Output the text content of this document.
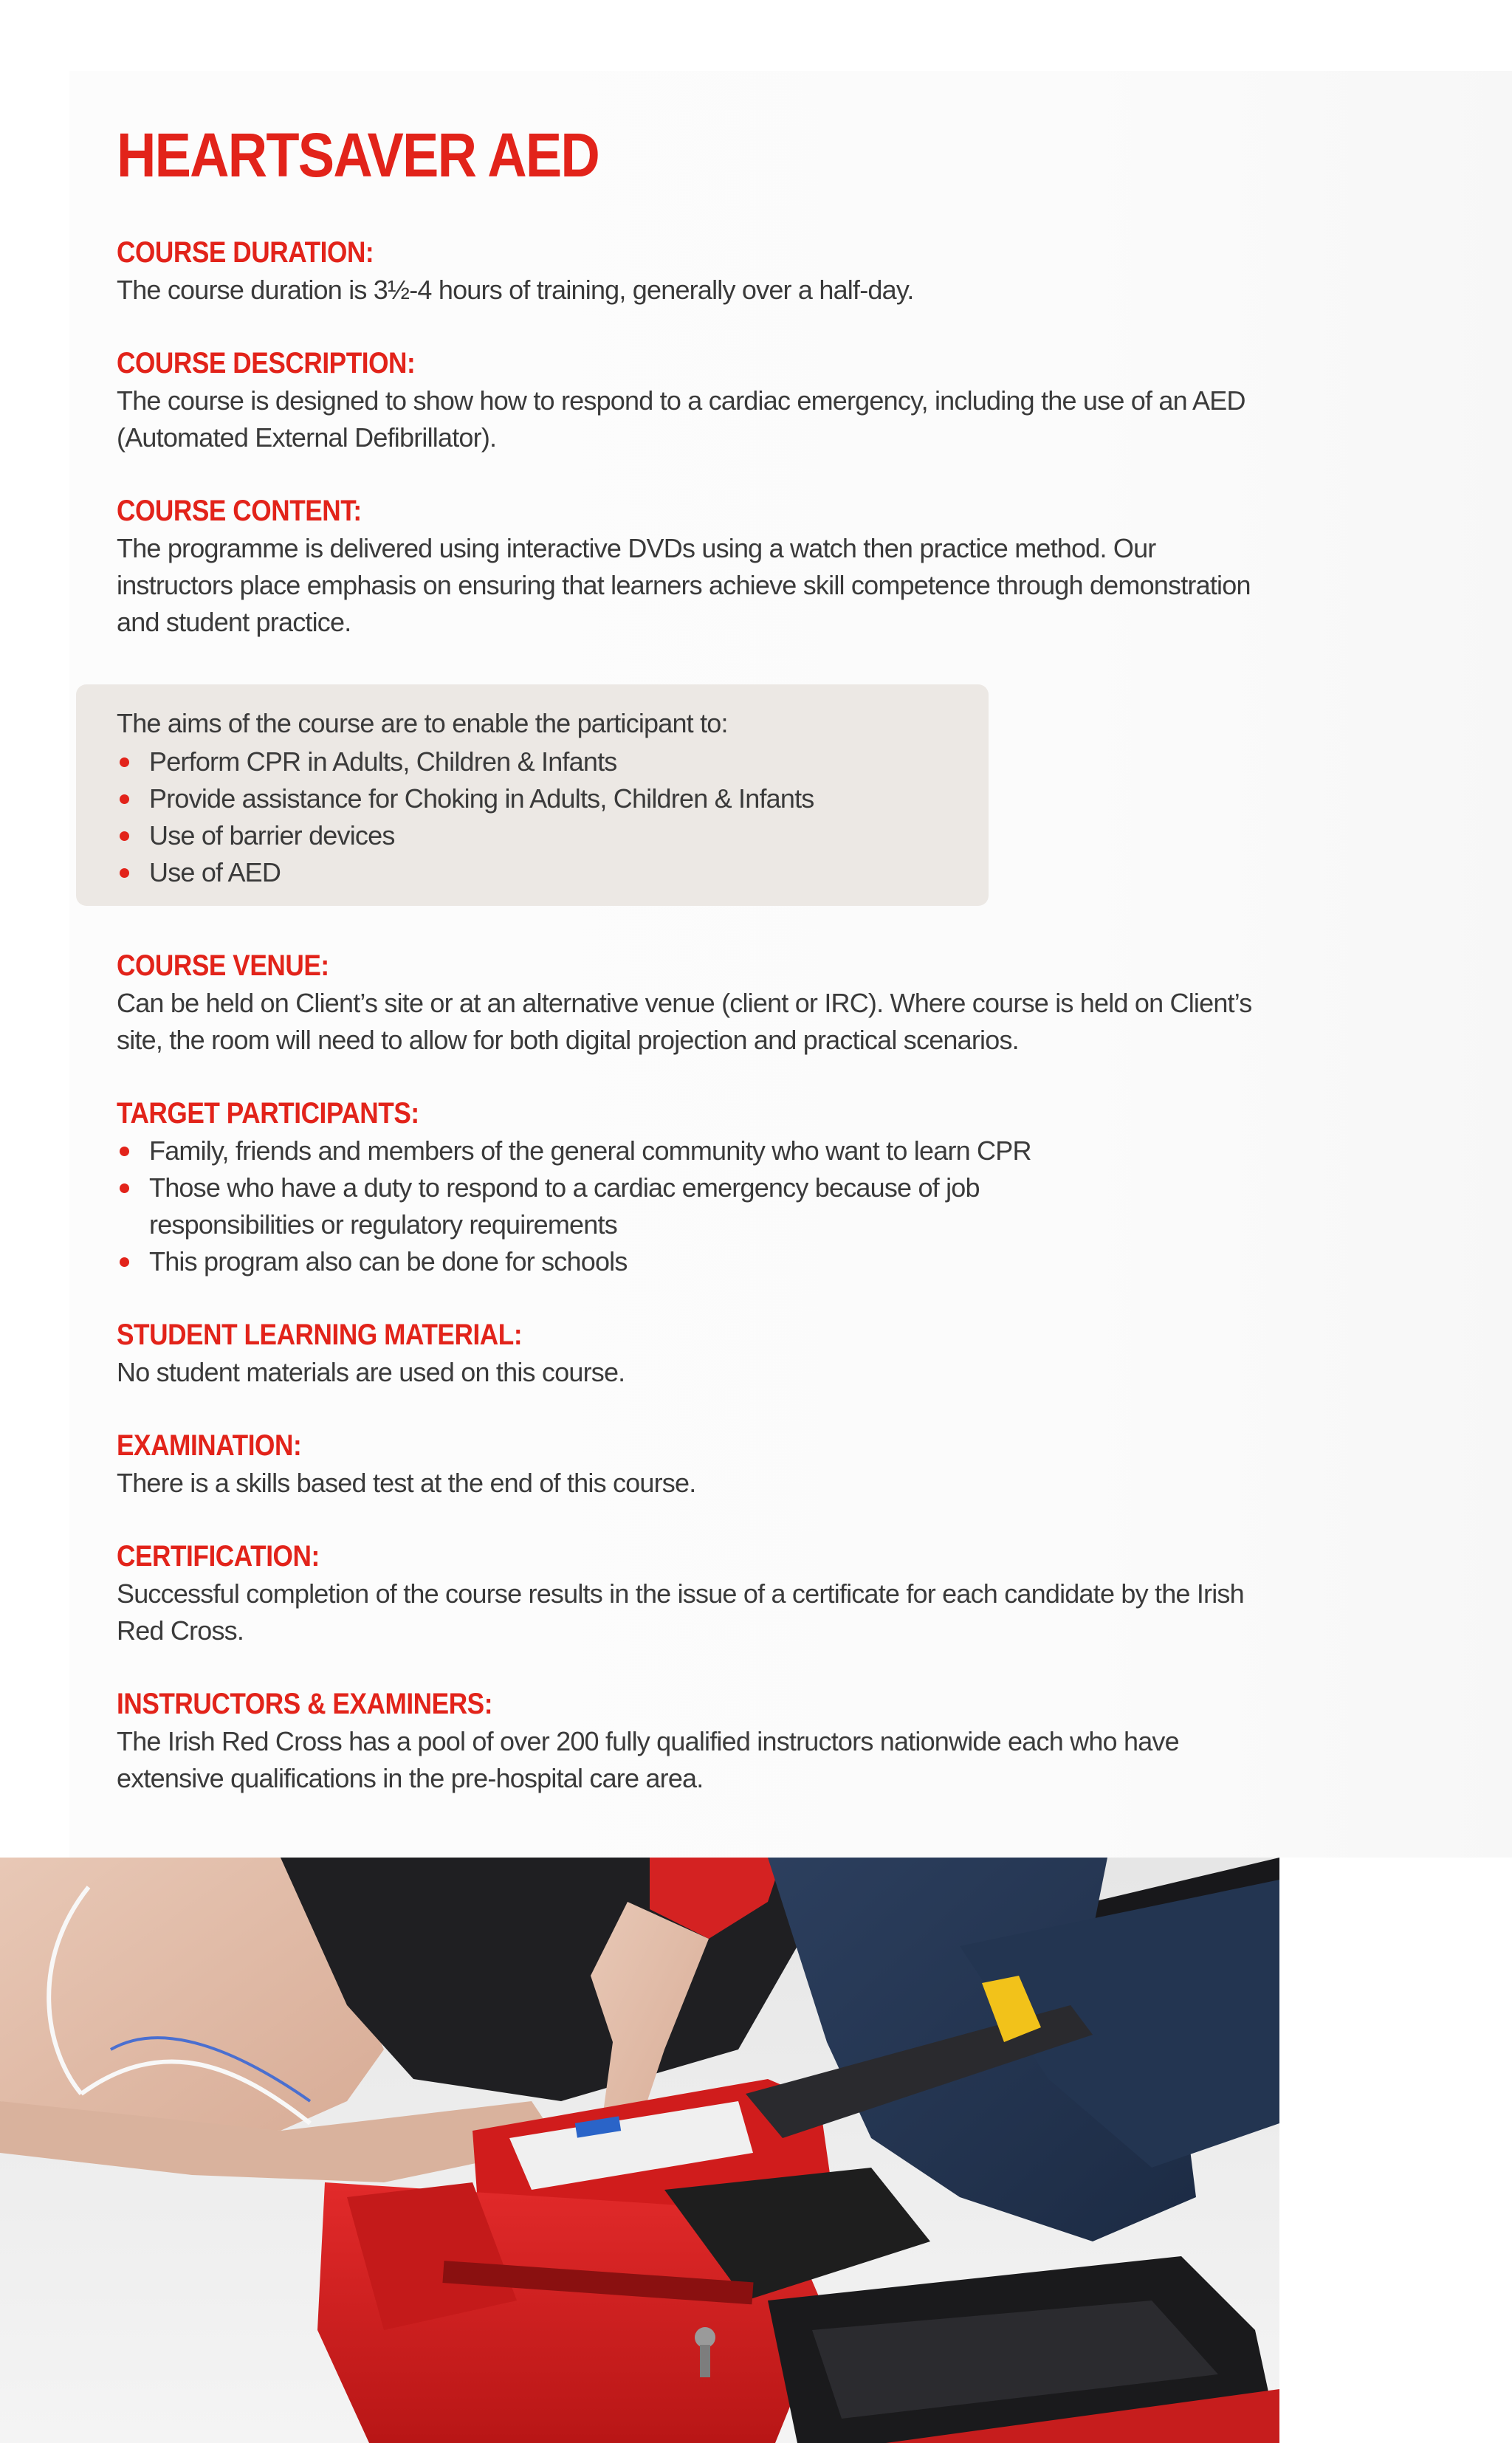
HEARTSAVER AED
COURSE DURATION:

The course duration is 3½-4 hours of training, generally over a half-day.

COURSE DESCRIPTION:

The course is designed to show how to respond to a cardiac emergency, including the use of an AED (Automated External Defibrillator).

COURSE CONTENT:

The programme is delivered using interactive DVDs using a watch then practice method. Our instructors place emphasis on ensuring that learners achieve skill competence through demonstration and student practice.

The aims of the course are to enable the participant to:

Perform CPR in Adults, Children & Infants
Provide assistance for Choking in Adults, Children & Infants
Use of barrier devices
Use of AED
COURSE VENUE:

Can be held on Client’s site or at an alternative venue (client or IRC). Where course is held on Client’s site, the room will need to allow for both digital projection and practical scenarios.

TARGET PARTICIPANTS:
Family, friends and members of the general community who want to learn CPR
Those who have a duty to respond to a cardiac emergency because of job responsibilities or regulatory requirements
This program also can be done for schools
STUDENT LEARNING MATERIAL:

No student materials are used on this course.

EXAMINATION:

There is a skills based test at the end of this course.

CERTIFICATION:

Successful completion of the course results in the issue of a certificate for each candidate by the Irish Red Cross.

INSTRUCTORS & EXAMINERS:

The Irish Red Cross has a pool of over 200 fully qualified instructors nationwide each who have extensive qualifications in the pre-hospital care area.
